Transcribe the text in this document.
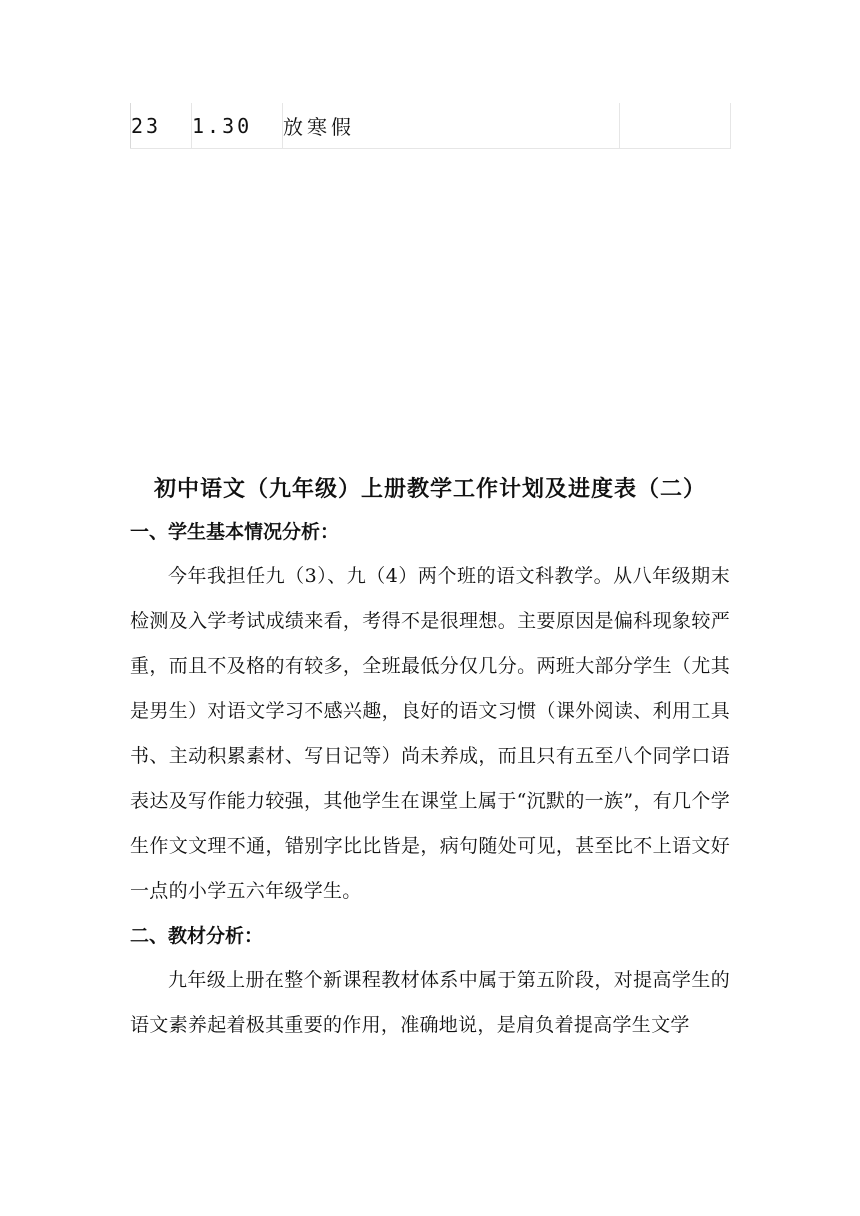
23	1.30	放寒假	
初中语文（九年级）上册教学工作计划及进度表（二）
一、学生基本情况分析：

今年我担任九（3）、九（4）两个班的语文科教学。从八年级期末检测及入学考试成绩来看，考得不是很理想。主要原因是偏科现象较严重，而且不及格的有较多，全班最低分仅几分。两班大部分学生（尤其是男生）对语文学习不感兴趣，良好的语文习惯（课外阅读、利用工具书、主动积累素材、写日记等）尚未养成，而且只有五至八个同学口语表达及写作能力较强，其他学生在课堂上属于“沉默的一族”，有几个学生作文文理不通，错别字比比皆是，病句随处可见，甚至比不上语文好一点的小学五六年级学生。

二、教材分析：

九年级上册在整个新课程教材体系中属于第五阶段，对提高学生的语文素养起着极其重要的作用，准确地说，是肩负着提高学生文学
